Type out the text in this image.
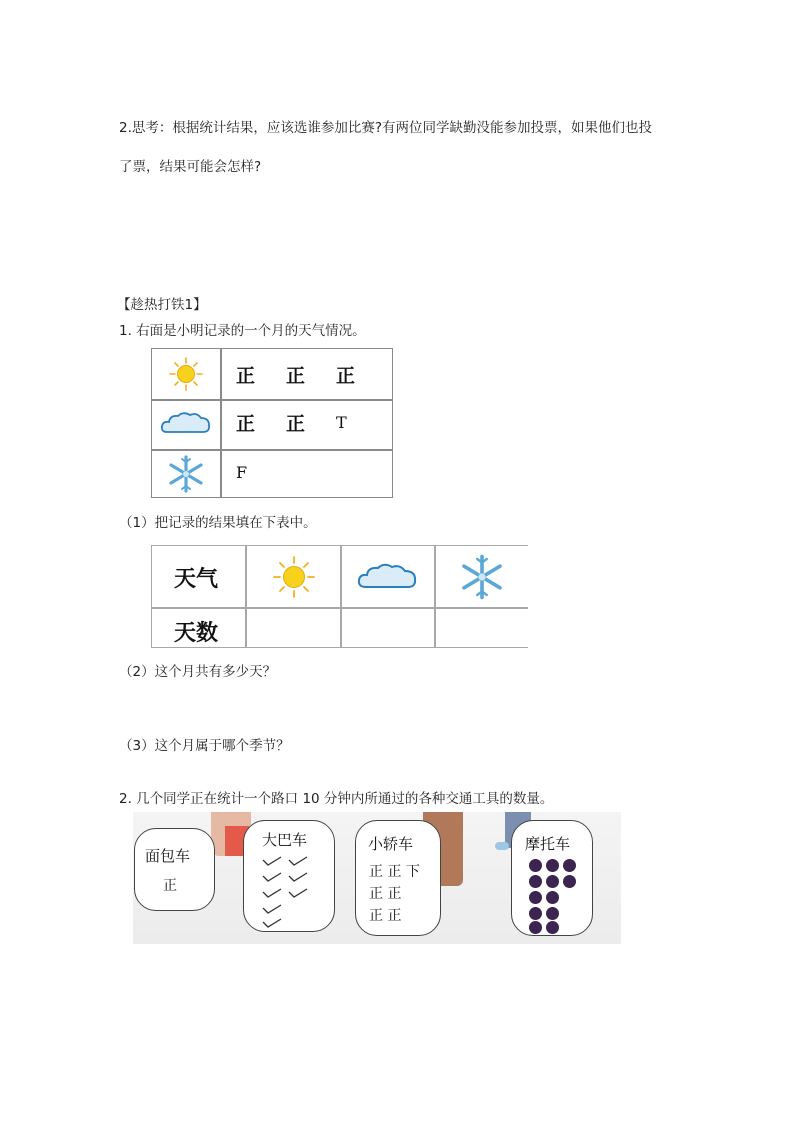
2.思考：根据统计结果，应该选谁参加比赛?有两位同学缺勤没能参加投票，如果他们也投
了票，结果可能会怎样?
【趁热打铁1】
1. 右面是小明记录的一个月的天气情况。
正 正 正
正 正 T
F
（1）把记录的结果填在下表中。
天气
天数
（2）这个月共有多少天？
（3）这个月属于哪个季节？
2. 几个同学正在统计一个路口 10 分钟内所通过的各种交通工具的数量。
面包车
正
大巴车	小轿车
正 正 下
正 正
正 正
摩托车
